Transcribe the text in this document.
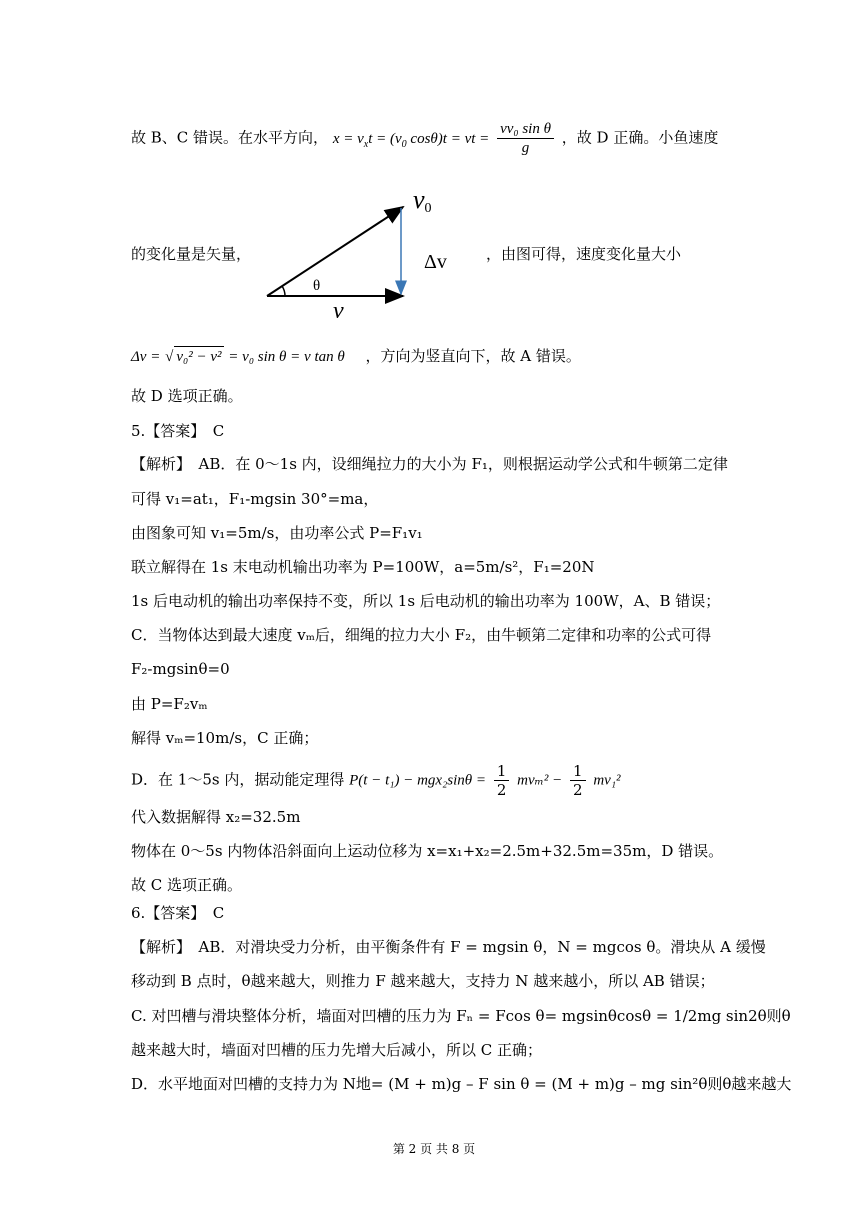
故 B、C 错误。在水平方向， $x = v_xt = (v_0$ cosθ)t = vt = $\frac{\text{vv₀ sin θ}}{g}$ ，故 D 正确。小鱼速度
的变化量是矢量，	，由图可得，速度变化量大小
v0
Δv
θ
v
Δv = √ v₀² − v² = v₀ sin θ = v tan θ ，方向为竖直向下，故 A 错误。
故 D 选项正确。
5.【答案】　C
【解析】　AB．在 0～1s 内，设细绳拉力的大小为 F₁，则根据运动学公式和牛顿第二定律
可得 v₁=at₁，F₁-mgsin 30°=ma，
由图象可知 v₁=5m/s，由功率公式 P=F₁v₁
联立解得在 1s 末电动机输出功率为 P=100W，a=5m/s²，F₁=20N
1s 后电动机的输出功率保持不变，所以 1s 后电动机的输出功率为 100W，A、B 错误；
C．当物体达到最大速度 vₘ后，细绳的拉力大小 F₂，由牛顿第二定律和功率的公式可得
F₂-mgsinθ=0
由 P=F₂vₘ
解得 vₘ=10m/s，C 正确；
D．在 1～5s 内，据动能定理得 $P(t - t_1) - mgx_2\sin\theta = \frac{1}{2} mv_m^2 - \frac{1}{2} mv_1^2$
代入数据解得 x₂=32.5m
物体在 0～5s 内物体沿斜面向上运动位移为 x=x₁+x₂=2.5m+32.5m=35m，D 错误。
故 C 选项正确。
6.【答案】　C
【解析】　AB．对滑块受力分析，由平衡条件有 F = mgsin θ，N = mgcos θ。滑块从 A 缓慢
移动到 B 点时，θ越来越大，则推力 F 越来越大，支持力 N 越来越小，所以 AB 错误；
C. 对凹槽与滑块整体分析，墙面对凹槽的压力为 Fₙ = Fcos θ= mgsinθcosθ = 1/2mg sin2θ则θ
越来越大时，墙面对凹槽的压力先增大后减小，所以 C 正确；
D．水平地面对凹槽的支持力为 N地= (M + m)g – F sin θ = (M + m)g – mg sin²θ则θ越来越大
第 2 页 共 8 页
